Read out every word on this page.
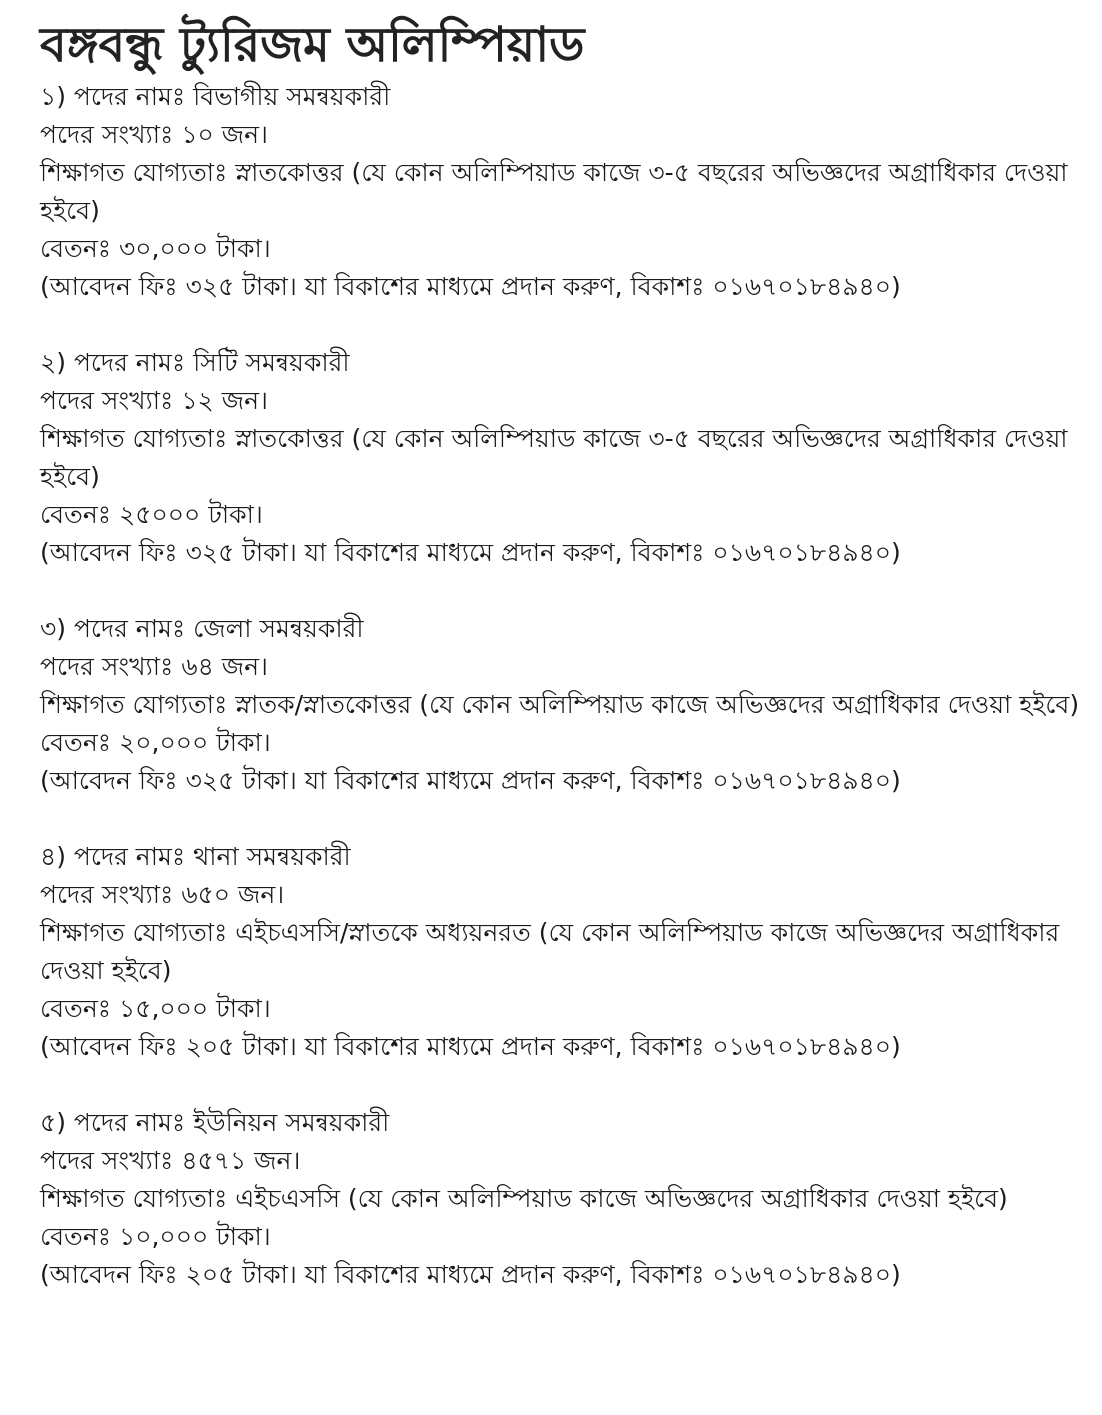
বঙ্গবন্ধু ট্যুরিজম অলিম্পিয়াড

১) পদের নামঃ বিভাগীয় সমন্বয়কারী

পদের সংখ্যাঃ ১০ জন।

শিক্ষাগত যোগ্যতাঃ স্নাতকোত্তর (যে কোন অলিম্পিয়াড কাজে ৩-৫ বছরের অভিজ্ঞদের অগ্রাধিকার দেওয়া হইবে)

বেতনঃ ৩০,০০০ টাকা।

(আবেদন ফিঃ ৩২৫ টাকা। যা বিকাশের মাধ্যমে প্রদান করুণ, বিকাশঃ ০১৬৭০১৮৪৯৪০)

২) পদের নামঃ সিটি সমন্বয়কারী

পদের সংখ্যাঃ ১২ জন।

শিক্ষাগত যোগ্যতাঃ স্নাতকোত্তর (যে কোন অলিম্পিয়াড কাজে ৩-৫ বছরের অভিজ্ঞদের অগ্রাধিকার দেওয়া হইবে)

বেতনঃ ২৫০০০ টাকা।

(আবেদন ফিঃ ৩২৫ টাকা। যা বিকাশের মাধ্যমে প্রদান করুণ, বিকাশঃ ০১৬৭০১৮৪৯৪০)

৩) পদের নামঃ জেলা সমন্বয়কারী

পদের সংখ্যাঃ ৬৪ জন।

শিক্ষাগত যোগ্যতাঃ স্নাতক/স্নাতকোত্তর (যে কোন অলিম্পিয়াড কাজে অভিজ্ঞদের অগ্রাধিকার দেওয়া হইবে)

বেতনঃ ২০,০০০ টাকা।

(আবেদন ফিঃ ৩২৫ টাকা। যা বিকাশের মাধ্যমে প্রদান করুণ, বিকাশঃ ০১৬৭০১৮৪৯৪০)

৪) পদের নামঃ থানা সমন্বয়কারী

পদের সংখ্যাঃ ৬৫০ জন।

শিক্ষাগত যোগ্যতাঃ এইচএসসি/স্নাতকে অধ্যয়নরত (যে কোন অলিম্পিয়াড কাজে অভিজ্ঞদের অগ্রাধিকার দেওয়া হইবে)

বেতনঃ ১৫,০০০ টাকা।

(আবেদন ফিঃ ২০৫ টাকা। যা বিকাশের মাধ্যমে প্রদান করুণ, বিকাশঃ ০১৬৭০১৮৪৯৪০)

৫) পদের নামঃ ইউনিয়ন সমন্বয়কারী

পদের সংখ্যাঃ ৪৫৭১ জন।

শিক্ষাগত যোগ্যতাঃ এইচএসসি (যে কোন অলিম্পিয়াড কাজে অভিজ্ঞদের অগ্রাধিকার দেওয়া হইবে)

বেতনঃ ১০,০০০ টাকা।

(আবেদন ফিঃ ২০৫ টাকা। যা বিকাশের মাধ্যমে প্রদান করুণ, বিকাশঃ ০১৬৭০১৮৪৯৪০)
